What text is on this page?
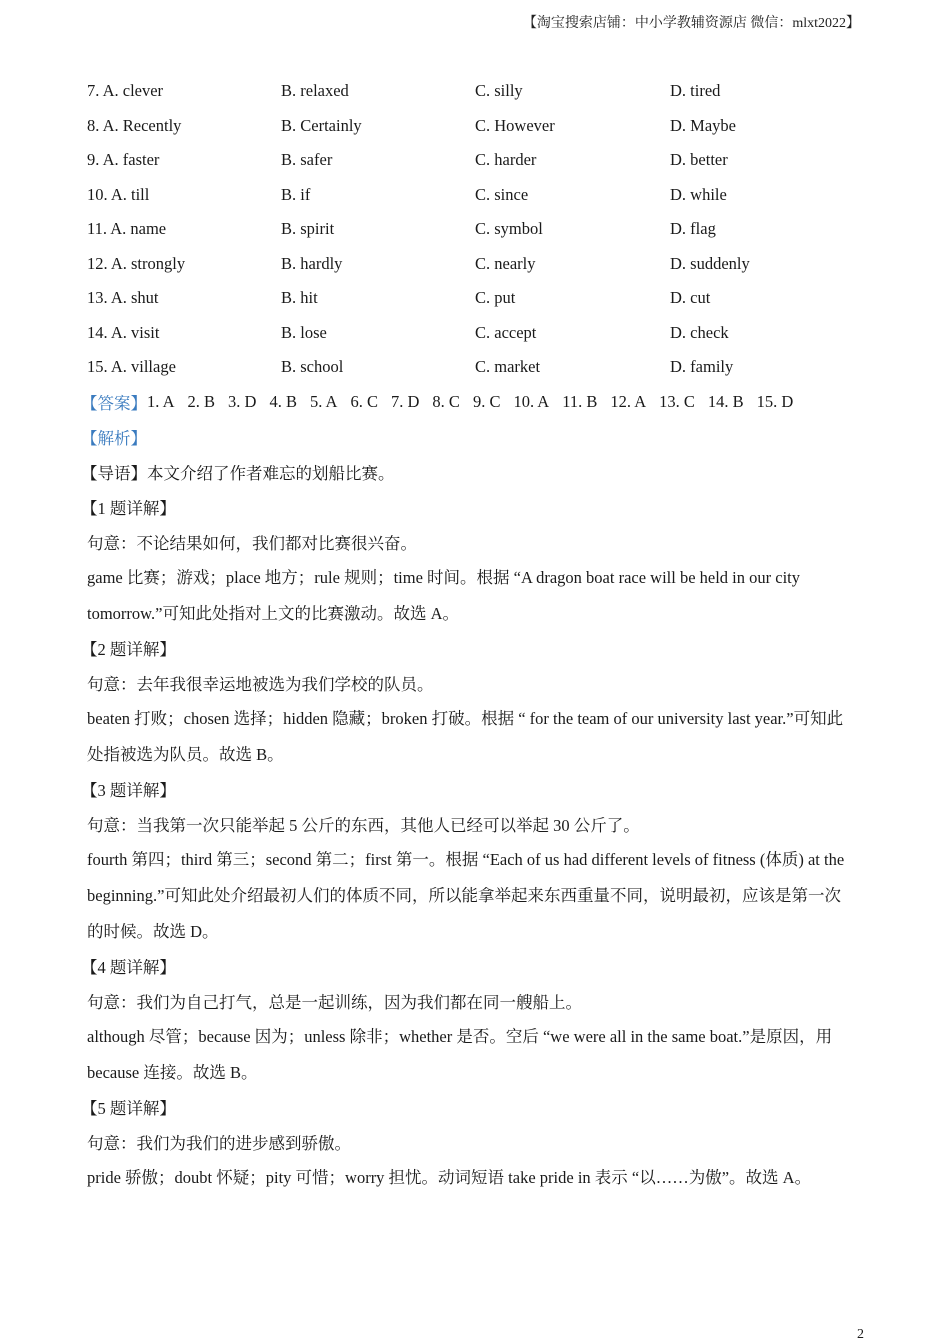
【淘宝搜索店铺：中小学教辅资源店 微信：mlxt2022】
7. A. clever	B. relaxed	C. silly	D. tired
8. A. Recently	B. Certainly	C. However	D. Maybe
9. A. faster	B. safer	C. harder	D. better
10. A. till	B. if	C. since	D. while
11. A. name	B. spirit	C. symbol	D. flag
12. A. strongly	B. hardly	C. nearly	D. suddenly
13. A. shut	B. hit	C. put	D. cut
14. A. visit	B. lose	C. accept	D. check
15. A. village	B. school	C. market	D. family
【答案】 1. A 2. B 3. D 4. B 5. A 6. C 7. D 8. C 9. C 10. A 11. B 12. A 13. C 14. B 15. D
【解析】
【导语】本文介绍了作者难忘的划船比赛。
【1 题详解】
句意：不论结果如何，我们都对比赛很兴奋。
game 比赛；游戏；place 地方；rule 规则；time 时间。根据 “A dragon boat race will be held in our city
tomorrow.”可知此处指对上文的比赛激动。故选 A。
【2 题详解】
句意：去年我很幸运地被选为我们学校的队员。
beaten 打败；chosen 选择；hidden 隐藏；broken 打破。根据 “ for the team of our university last year.”可知此
处指被选为队员。故选 B。
【3 题详解】
句意：当我第一次只能举起 5 公斤的东西，其他人已经可以举起 30 公斤了。
fourth 第四；third 第三；second 第二；first 第一。根据 “Each of us had different levels of fitness (体质) at the
beginning.”可知此处介绍最初人们的体质不同，所以能拿举起来东西重量不同，说明最初，应该是第一次
的时候。故选 D。
【4 题详解】
句意：我们为自己打气，总是一起训练，因为我们都在同一艘船上。
although 尽管；because 因为；unless 除非；whether 是否。空后 “we were all in the same boat.”是原因，用
because 连接。故选 B。
【5 题详解】
句意：我们为我们的进步感到骄傲。
pride 骄傲；doubt 怀疑；pity 可惜；worry 担忧。动词短语 take pride in 表示 “以……为傲”。故选 A。
2
